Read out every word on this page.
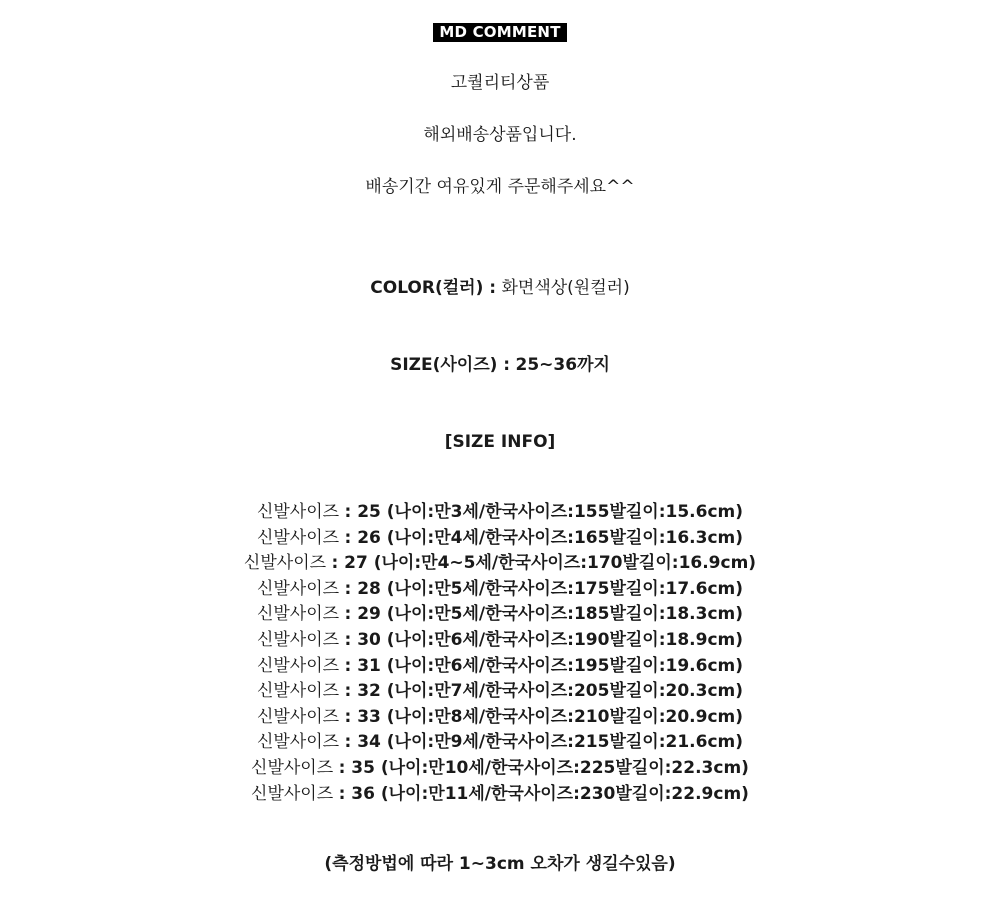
MD COMMENT
고퀄리티상품
해외배송상품입니다.
배송기간 여유있게 주문해주세요^^
COLOR(컬러) : 화면색상(원컬러)
SIZE(사이즈) : 25~36까지
[SIZE INFO]
신발사이즈 : 25 (나이:만3세/한국사이즈:155발길이:15.6cm)
신발사이즈 : 26 (나이:만4세/한국사이즈:165발길이:16.3cm)
신발사이즈 : 27 (나이:만4~5세/한국사이즈:170발길이:16.9cm)
신발사이즈 : 28 (나이:만5세/한국사이즈:175발길이:17.6cm)
신발사이즈 : 29 (나이:만5세/한국사이즈:185발길이:18.3cm)
신발사이즈 : 30 (나이:만6세/한국사이즈:190발길이:18.9cm)
신발사이즈 : 31 (나이:만6세/한국사이즈:195발길이:19.6cm)
신발사이즈 : 32 (나이:만7세/한국사이즈:205발길이:20.3cm)
신발사이즈 : 33 (나이:만8세/한국사이즈:210발길이:20.9cm)
신발사이즈 : 34 (나이:만9세/한국사이즈:215발길이:21.6cm)
신발사이즈 : 35 (나이:만10세/한국사이즈:225발길이:22.3cm)
신발사이즈 : 36 (나이:만11세/한국사이즈:230발길이:22.9cm)
(측정방법에 따라 1~3cm 오차가 생길수있음)
